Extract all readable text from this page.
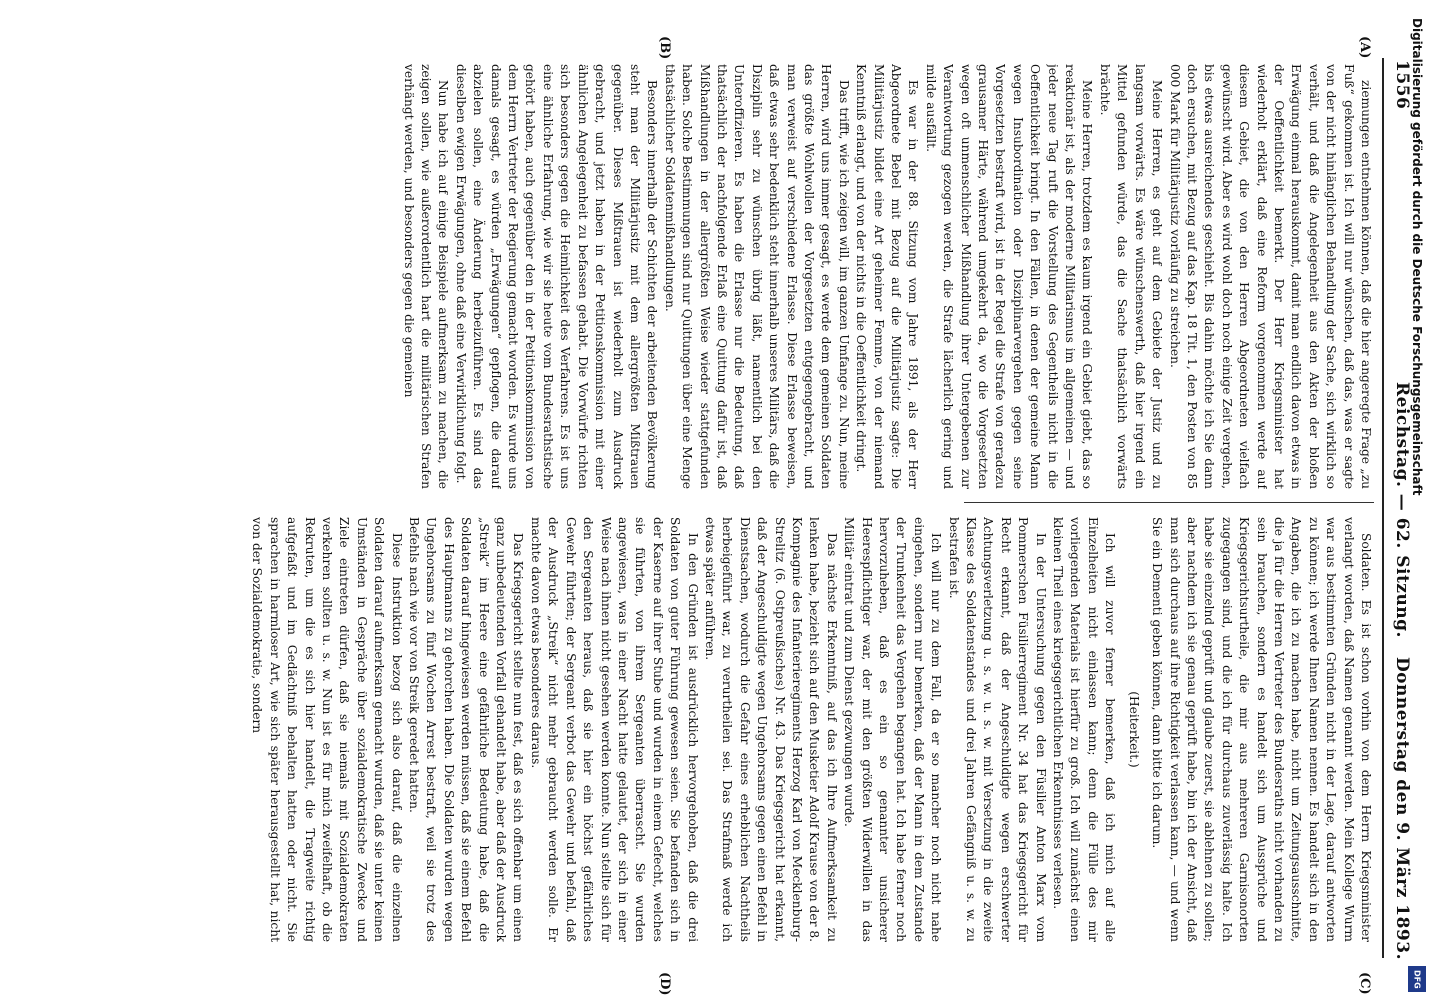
1556
Reichstag. — 62. Sitzung.
Donnerstag den 9. März 1893.
(A)
(B)
(C)
(D)

ziemungen entnehmen können, daß die hier angeregte Frage „zu Fuß“ gekommen ist. Ich will nur wünschen, daß das, was er sagte von der nicht hinlänglichen Behandlung der Sache, sich wirklich so verhält, und daß die Angelegenheit aus den Akten der bloßen Erwägung einmal herauskommt, damit man endlich davon etwas in der Oeffentlichkeit bemerkt. Der Herr Kriegsminister hat wiederholt erklärt, daß eine Reform vorgenommen werde auf diesem Gebiet, die von den Herren Abgeordneten vielfach gewünscht wird. Aber es wird wohl doch noch einige Zeit vergehen, bis etwas ausreichendes geschieht. Bis dahin möchte ich Sie dann doch ersuchen, mit Bezug auf das Kap. 18 Tit. 1, den Posten von 85 000 Mark für Militärjustiz vorläufig zu streichen.

Meine Herren, es geht auf dem Gebiete der Justiz und zu langsam vorwärts. Es wäre wünschenswerth, daß hier irgend ein Mittel gefunden würde, das die Sache thatsächlich vorwärts brächte.

Meine Herren, trotzdem es kaum irgend ein Gebiet giebt, das so reaktionär ist, als der moderne Militarismus im allgemeinen — und jeder neue Tag ruft die Vorstellung des Gegentheils nicht in die Oeffentlichkeit bringt. In den Fällen, in denen der gemeine Mann wegen Insubordination oder Disziplinarvergehen gegen seine Vorgesetzten bestraft wird, ist in der Regel die Strafe von geradezu grausamer Härte, während umgekehrt da, wo die Vorgesetzten wegen oft unmenschlicher Mißhandlung ihrer Untergebenen zur Verantwortung gezogen werden, die Strafe lächerlich gering und milde ausfällt.

Es war in der 88. Sitzung vom Jahre 1891, als der Herr Abgeordnete Bebel mit Bezug auf die Militärjustiz sagte: Die Militärjustiz bildet eine Art geheimer Femme, von der niemand Kenntniß erlangt, und von der nichts in die Oeffentlichkeit dringt.

Das trifft, wie ich zeigen will, im ganzen Umfange zu. Nun, meine Herren, wird uns immer gesagt, es werde dem gemeinen Soldaten das größte Wohlwollen der Vorgesetzten entgegengebracht, und man verweist auf verschiedene Erlasse. Diese Erlasse beweisen, daß etwas sehr bedenklich steht innerhalb unseres Militärs, daß die Disziplin sehr zu wünschen übrig läßt, namentlich bei den Unteroffizieren. Es haben die Erlasse nur die Bedeutung, daß thatsächlich der nachfolgende Erlaß eine Quittung dafür ist, daß Mißhandlungen in der allergrößten Weise wieder stattgefunden haben. Solche Bestimmungen sind nur Quittungen über eine Menge thatsächlicher Soldatenmißhandlungen.

Besonders innerhalb der Schichten der arbeitenden Bevölkerung steht man der Militärjustiz mit dem allergrößten Mißtrauen gegenüber. Dieses Mißtrauen ist wiederholt zum Ausdruck gebracht, und jetzt haben in der Petitionskommission mit einer ähnlichen Angelegenheit zu befassen gehabt. Die Vorwürfe richten sich besonders gegen die Heimlichkeit des Verfahrens. Es ist uns eine ähnliche Erfahrung, wie wir sie heute vom Bundesrathstische gehört haben, auch gegenüber den in der Petitionskommission von dem Herrn Vertreter der Regierung gemacht worden. Es wurde uns damals gesagt, es würden „Erwägungen“ gepflogen, die darauf abzielen sollen, eine Änderung herbeizuführen. Es sind das dieselben ewigen Erwägungen, ohne daß eine Verwirklichung folgt.

Nun habe ich auf einige Beispiele aufmerksam zu machen, die zeigen sollen, wie außerordentlich hart die militärischen Strafen verhängt werden, und besonders gegen die gemeinen

Soldaten. Es ist schon vorhin von dem Herrn Kriegsminister verlangt worden, daß Namen genannt werden. Mein Kollege Wurm war aus bestimmten Gründen nicht in der Lage, darauf antworten zu können; ich werde Ihnen Namen nennen. Es handelt sich in den Angaben, die ich zu machen habe, nicht um Zeitungsausschnitte, die ja für die Herren Vertreter des Bundesraths nicht vorhanden zu sein brauchen, sondern es handelt sich um Aussprüche und Kriegsgerichtsurtheile, die mir aus mehreren Garnisonorten zugegangen sind, und die ich für durchaus zuverlässig halte. Ich habe sie einzelnd geprüft und glaube zuerst, sie ablehnen zu sollen; aber nachdem ich sie genau geprüft habe, bin ich der Ansicht, daß man sich durchaus auf ihre Richtigkeit verlassen kann, — und wenn Sie ein Dementi geben können, dann bitte ich darum.

(Heiterkeit.)

Ich will zuvor ferner bemerken, daß ich mich auf alle Einzelheiten nicht einlassen kann; denn die Fülle des mir vorliegenden Materials ist hierfür zu groß. Ich will zunächst einen kleinen Theil eines kriegsgerichtlichen Erkenntnisses verlesen.

In der Untersuchung gegen den Füsilier Anton Marx vom Pommerschen Füsilierregiment Nr. 34 hat das Kriegsgericht für Recht erkannt, daß der Angeschuldigte wegen erschwerter Achtungsverletzung u. s. w. u. s. w. mit Versetzung in die zweite Klasse des Soldatenstandes und drei Jahren Gefängniß u. s. w. zu bestrafen ist.

Ich will nur zu dem Fall, da er so mancher noch nicht nahe eingehen, sondern nur bemerken, daß der Mann in dem Zustande der Trunkenheit das Vergehen begangen hat. Ich habe ferner noch hervorzuheben, daß es ein so genannter unsicherer Heerespflichtiger war, der mit den größten Widerwillen in das Militär eintrat und zum Dienst gezwungen wurde.

Das nächste Erkenntniß, auf das ich Ihre Aufmerksamkeit zu lenken habe, bezieht sich auf den Musketier Adolf Krause von der 8. Kompagnie des Infanterieregiments Herzog Karl von Mecklenburg-Strelitz (6. Ostpreußisches) Nr. 43. Das Kriegsgericht hat erkannt, daß der Angeschuldigte wegen Ungehorsams gegen einen Befehl in Dienstsachen, wodurch die Gefahr eines erheblichen Nachtheils herbeigeführt war, zu verurtheilen sei. Das Strafmaß werde ich etwas später anführen.

In den Gründen ist ausdrücklich hervorgehoben, daß die drei Soldaten von guter Führung gewesen seien. Sie befanden sich in der Kaserne auf ihrer Stube und wurden in einem Gefecht, welches sie führten, von ihrem Sergeanten überrascht. Sie wurden angewiesen, was in einer Nacht hatte gelautet, der sich in einer Weise nach ihnen nicht gesehen werden konnte. Nun stellte sich für den Sergeanten heraus, daß sie hier ein höchst gefährliches Gewehr führten; der Sergeant verbot das Gewehr und befahl, daß der Ausdruck „Streik“ nicht mehr gebraucht werden solle. Er machte davon etwas besonderes daraus.

Das Kriegsgericht stellte nun fest, daß es sich offenbar um einen ganz unbedeutenden Vorfall gehandelt habe, aber daß der Ausdruck „Streik“ im Heere eine gefährliche Bedeutung habe, daß die Soldaten darauf hingewiesen werden müssen, daß sie einem Befehl des Hauptmanns zu gehorchen haben. Die Soldaten wurden wegen Ungehorsams zu fünf Wochen Arrest bestraft, weil sie trotz des Befehls nach wie vor von Streik geredet hatten.

Diese Instruktion bezog sich also darauf, daß die einzelnen Soldaten darauf aufmerksam gemacht wurden, daß sie unter keinen Umständen in Gespräche über sozialdemokratische Zwecke und Ziele eintreten dürfen, daß sie niemals mit Sozialdemokraten verkehren sollten u. s. w. Nun ist es für mich zweifelhaft, ob die Rekruten, um die es sich hier handelt, die Tragweite richtig aufgefaßt und im Gedächtniß behalten hatten oder nicht. Sie sprachen in harmloser Art, wie sich später herausgestellt hat, nicht von der Sozialdemokratie, sondern

Digitalisierung gefördert durch die Deutsche Forschungsgemeinschaft
DFG
